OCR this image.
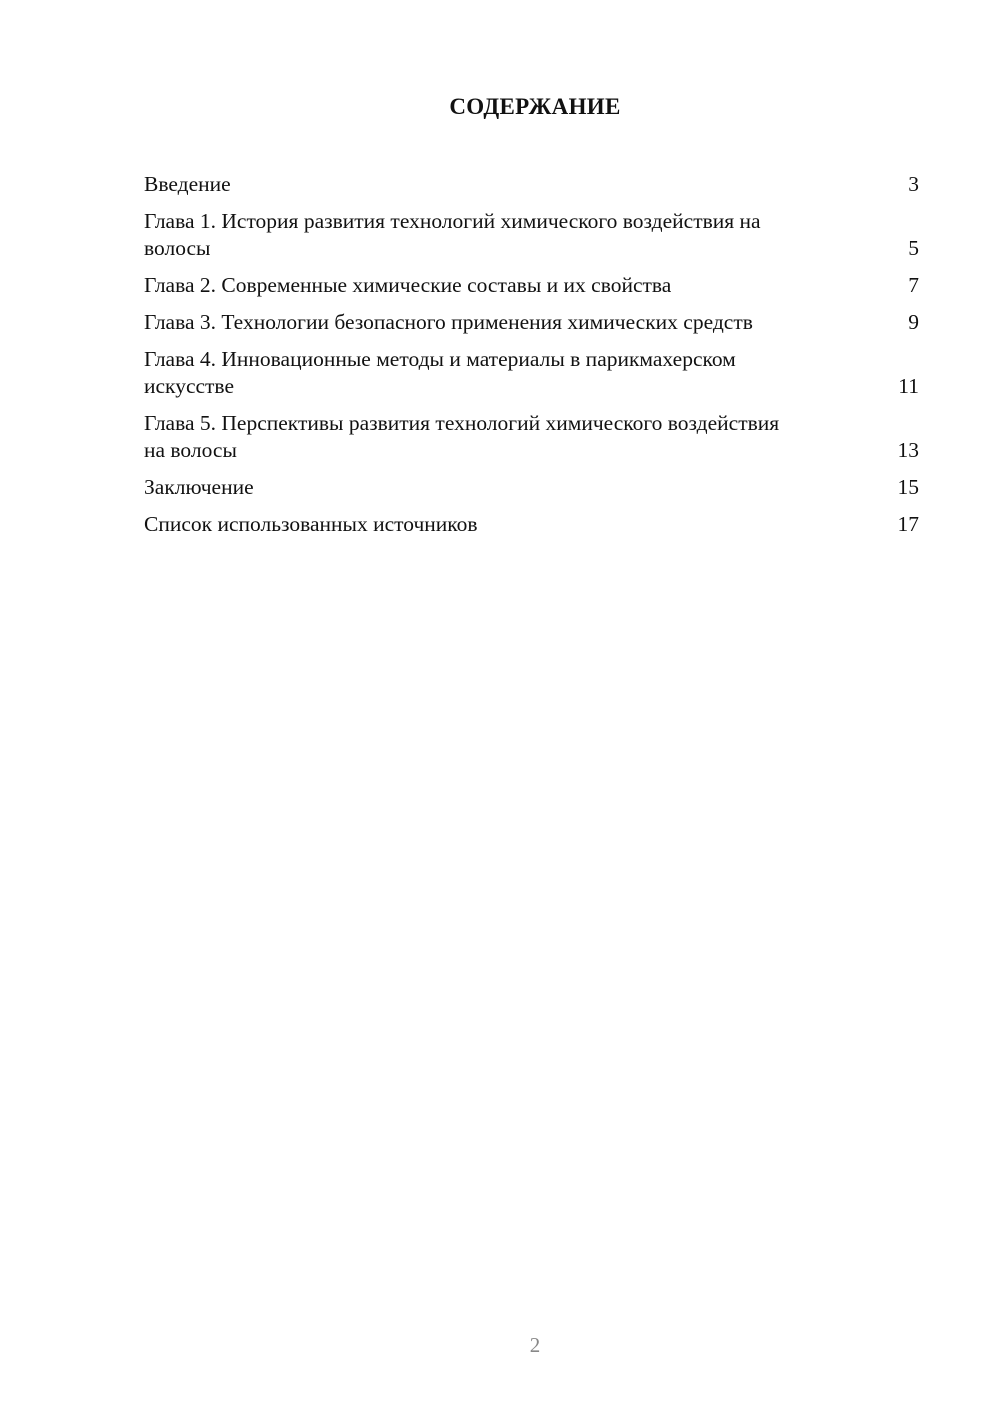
СОДЕРЖАНИЕ
Введение	3
Глава 1. История развития технологий химического воздействия на волосы	5
Глава 2. Современные химические составы и их свойства	7
Глава 3. Технологии безопасного применения химических средств	9
Глава 4. Инновационные методы и материалы в парикмахерском искусстве	11
Глава 5. Перспективы развития технологий химического воздействия на волосы	13
Заключение	15
Список использованных источников	17
2
